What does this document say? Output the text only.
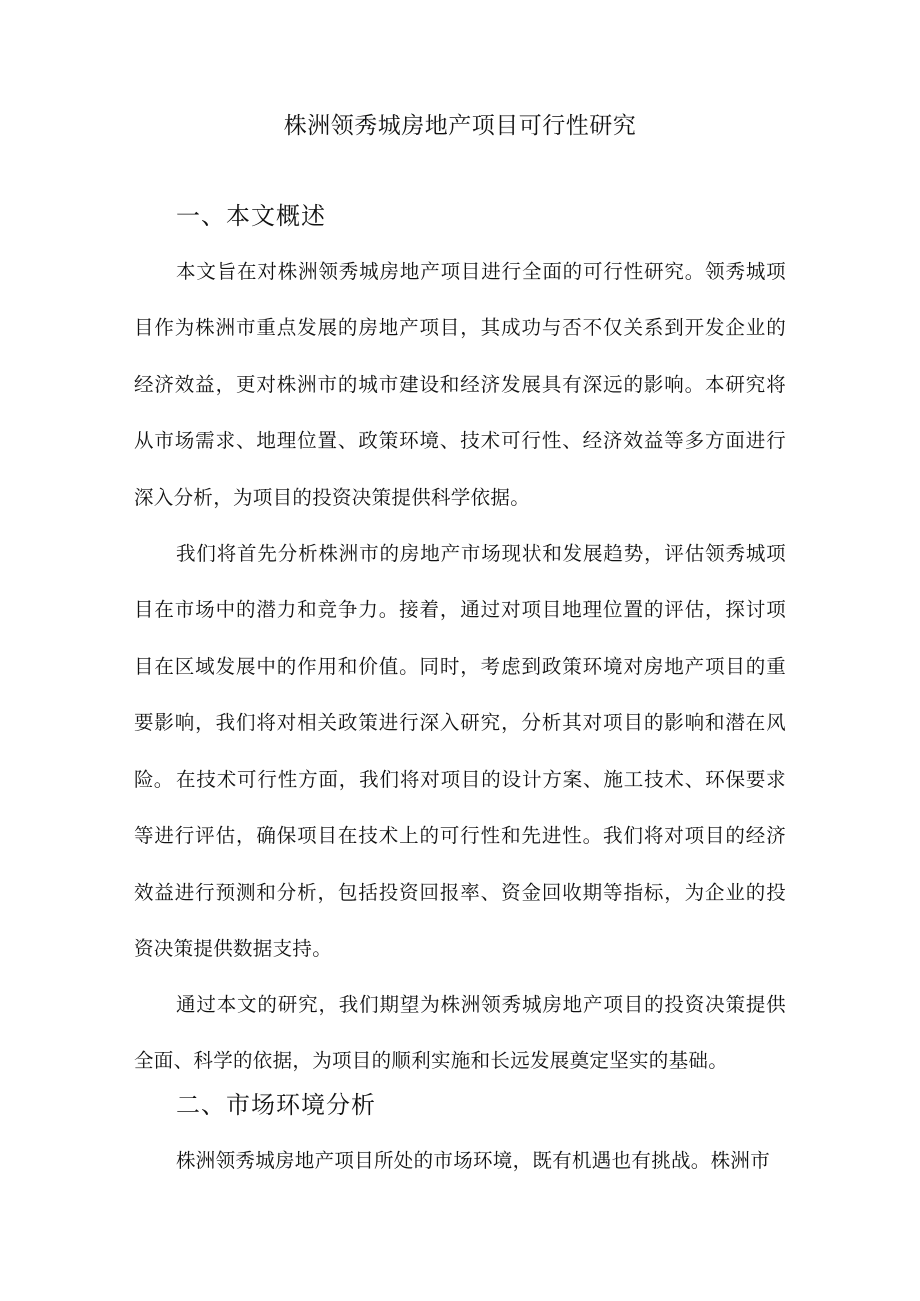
株洲领秀城房地产项目可行性研究
一、本文概述

本文旨在对株洲领秀城房地产项目进行全面的可行性研究。领秀城项目作为株洲市重点发展的房地产项目，其成功与否不仅关系到开发企业的经济效益，更对株洲市的城市建设和经济发展具有深远的影响。本研究将从市场需求、地理位置、政策环境、技术可行性、经济效益等多方面进行深入分析，为项目的投资决策提供科学依据。

我们将首先分析株洲市的房地产市场现状和发展趋势，评估领秀城项目在市场中的潜力和竞争力。接着，通过对项目地理位置的评估，探讨项目在区域发展中的作用和价值。同时，考虑到政策环境对房地产项目的重要影响，我们将对相关政策进行深入研究，分析其对项目的影响和潜在风险。 在技术可行性方面，我们将对项目的设计方案、施工技术、环保要求等进行评估，确保项目在技术上的可行性和先进性。我们将对项目的经济效益进行预测和分析，包括投资回报率、资金回收期等指标，为企业的投资决策提供数据支持。

通过本文的研究，我们期望为株洲领秀城房地产项目的投资决策提供全面、科学的依据，为项目的顺利实施和长远发展奠定坚实的基础。

二、市场环境分析

株洲领秀城房地产项目所处的市场环境，既有机遇也有挑战。株洲市
